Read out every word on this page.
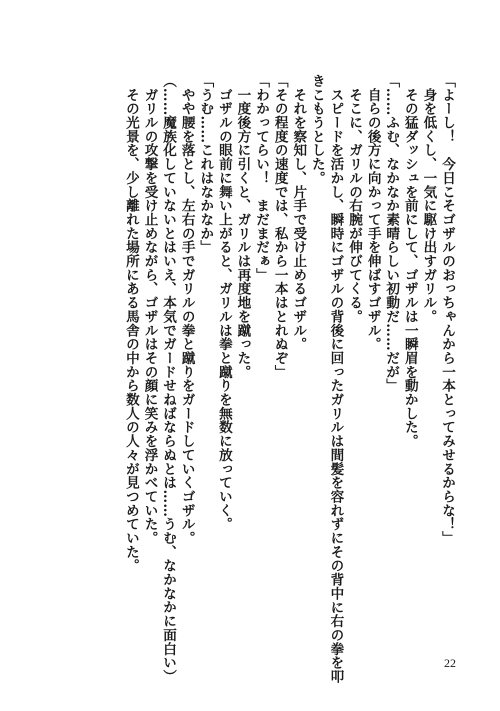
「よーし！　今日こそゴザルのおっちゃんから一本とってみせるからな！」
　身を低くし、一気に駆け出すガリル。
　その猛ダッシュを前にして、ゴザルは一瞬眉を動かした。
「……ふむ、なかなか素晴らしい初動だ……だが」
　自らの後方に向かって手を伸ばすゴザル。
　そこに、ガリルの右腕が伸びてくる。
　スピードを活かし、瞬時にゴザルの背後に回ったガリルは間髪を容れずにその背中に右の拳を叩
きこもうとした。
　それを察知し、片手で受け止めるゴザル。
「その程度の速度では、私から一本はとれぬぞ」
「わかってらい！　まだまだぁ」
　一度後方に引くと、ガリルは再度地を蹴った。
　ゴザルの眼前に舞い上がると、ガリルは拳と蹴りを無数に放っていく。
「うむ……これはなかなか」
　やや腰を落とし、左右の手でガリルの拳と蹴りをガードしていくゴザル。
（……魔族化していないとはいえ、本気でガードせねばならぬとは……うむ、なかなかに面白い）
　ガリルの攻撃を受け止めながら、ゴザルはその顔に笑みを浮かべていた。
　その光景を、少し離れた場所にある馬舎の中から数人の人々が見つめていた。
22
